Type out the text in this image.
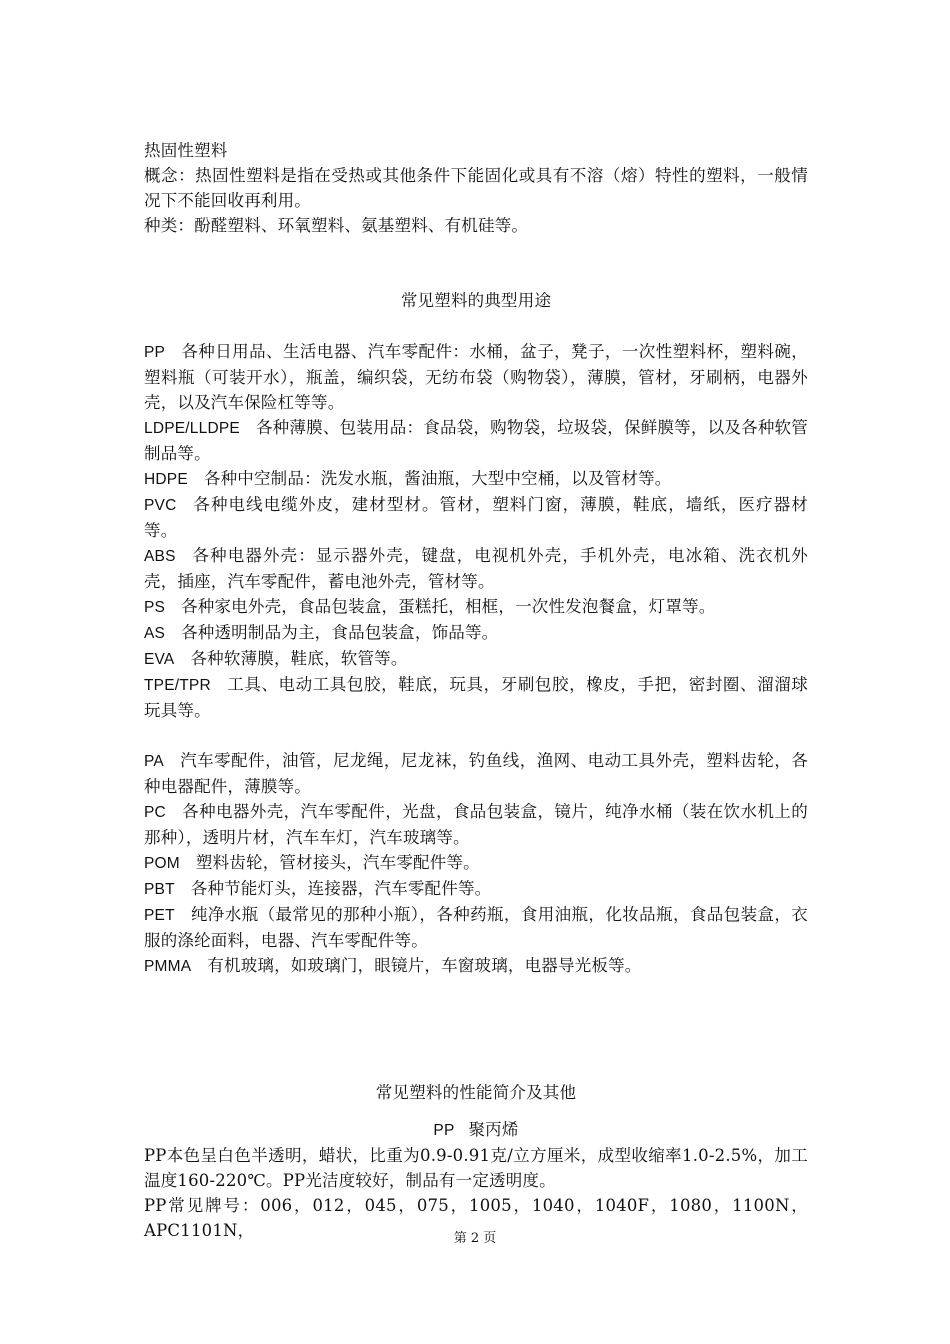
热固性塑料

概念：热固性塑料是指在受热或其他条件下能固化或具有不溶（熔）特性的塑料，一般情况下不能回收再利用。

种类：酚醛塑料、环氧塑料、氨基塑料、有机硅等。

常见塑料的典型用途

PP 各种日用品、生活电器、汽车零配件：水桶，盆子，凳子，一次性塑料杯，塑料碗，塑料瓶（可装开水），瓶盖，编织袋，无纺布袋（购物袋），薄膜，管材，牙刷柄，电器外壳，以及汽车保险杠等等。

LDPE/LLDPE 各种薄膜、包装用品：食品袋，购物袋，垃圾袋，保鲜膜等，以及各种软管制品等。

HDPE 各种中空制品：洗发水瓶，酱油瓶，大型中空桶，以及管材等。

PVC 各种电线电缆外皮，建材型材。管材，塑料门窗，薄膜，鞋底，墙纸，医疗器材等。

ABS 各种电器外壳：显示器外壳，键盘，电视机外壳，手机外壳，电冰箱、洗衣机外壳，插座，汽车零配件，蓄电池外壳，管材等。

PS 各种家电外壳，食品包装盒，蛋糕托，相框，一次性发泡餐盒，灯罩等。

AS 各种透明制品为主，食品包装盒，饰品等。

EVA 各种软薄膜，鞋底，软管等。

TPE/TPR 工具、电动工具包胶，鞋底，玩具，牙刷包胶，橡皮，手把，密封圈、溜溜球玩具等。

PA 汽车零配件，油管，尼龙绳，尼龙袜，钓鱼线，渔网、电动工具外壳，塑料齿轮，各种电器配件，薄膜等。

PC 各种电器外壳，汽车零配件，光盘，食品包装盒，镜片，纯净水桶（装在饮水机上的那种），透明片材，汽车车灯，汽车玻璃等。

POM 塑料齿轮，管材接头，汽车零配件等。

PBT 各种节能灯头，连接器，汽车零配件等。

PET 纯净水瓶（最常见的那种小瓶），各种药瓶，食用油瓶，化妆品瓶，食品包装盒，衣服的涤纶面料，电器、汽车零配件等。

PMMA 有机玻璃，如玻璃门，眼镜片，车窗玻璃，电器导光板等。

常见塑料的性能简介及其他

PP 聚丙烯

PP本色呈白色半透明，蜡状，比重为0.9-0.91克/立方厘米，成型收缩率1.0-2.5%，加工温度160-220℃。PP光洁度较好，制品有一定透明度。

PP常见牌号：006，012，045，075，1005，1040，1040F，1080，1100N，APC1101N，	第 2 页
